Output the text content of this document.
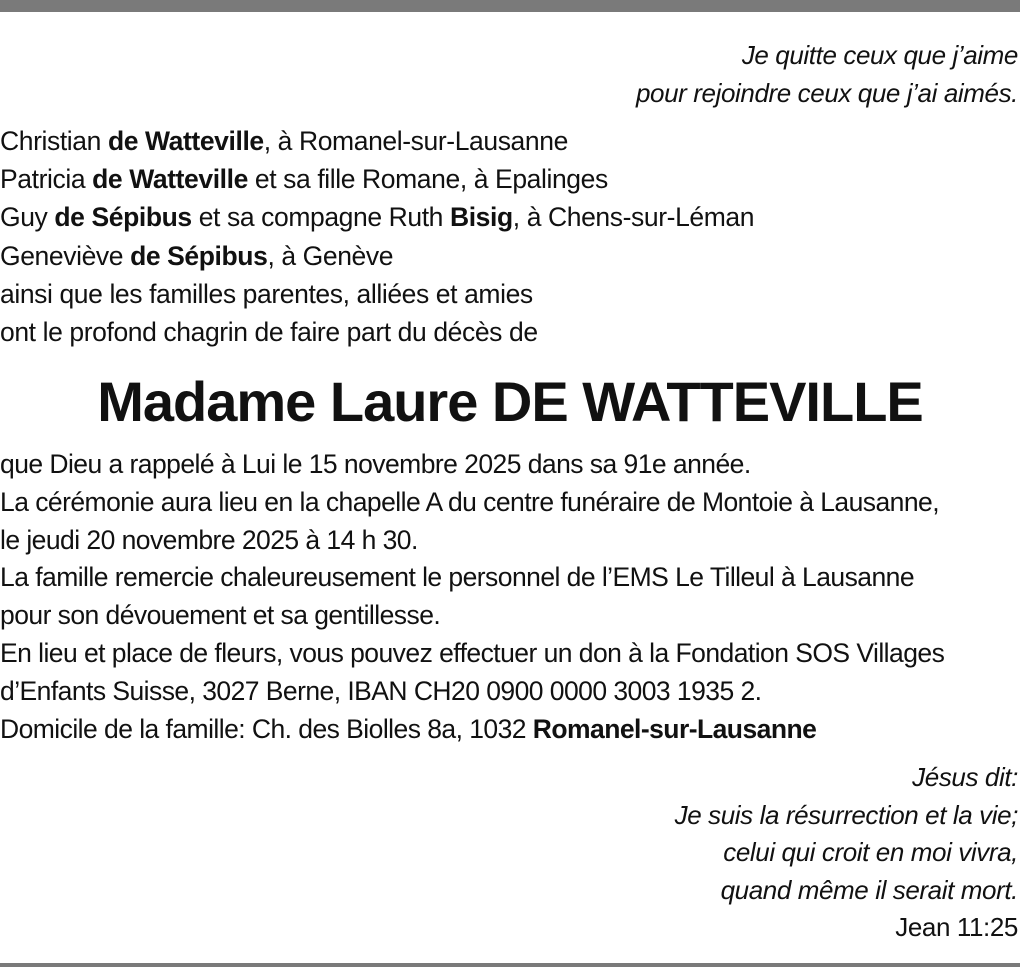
Je quitte ceux que j’aime
pour rejoindre ceux que j’ai aimés.
Christian de Watteville, à Romanel-sur-Lausanne
Patricia de Watteville et sa fille Romane, à Epalinges
Guy de Sépibus et sa compagne Ruth Bisig, à Chens-sur-Léman
Geneviève de Sépibus, à Genève
ainsi que les familles parentes, alliées et amies
ont le profond chagrin de faire part du décès de
Madame Laure DE WATTEVILLE
que Dieu a rappelé à Lui le 15 novembre 2025 dans sa 91e année.
La cérémonie aura lieu en la chapelle A du centre funéraire de Montoie à Lausanne,
le jeudi 20 novembre 2025 à 14 h 30.
La famille remercie chaleureusement le personnel de l’EMS Le Tilleul à Lausanne
pour son dévouement et sa gentillesse.
En lieu et place de fleurs, vous pouvez effectuer un don à la Fondation SOS Villages
d’Enfants Suisse, 3027 Berne, IBAN CH20 0900 0000 3003 1935 2.
Domicile de la famille: Ch. des Biolles 8a, 1032 Romanel-sur-Lausanne
Jésus dit:
Je suis la résurrection et la vie;
celui qui croit en moi vivra,
quand même il serait mort.
Jean 11:25
